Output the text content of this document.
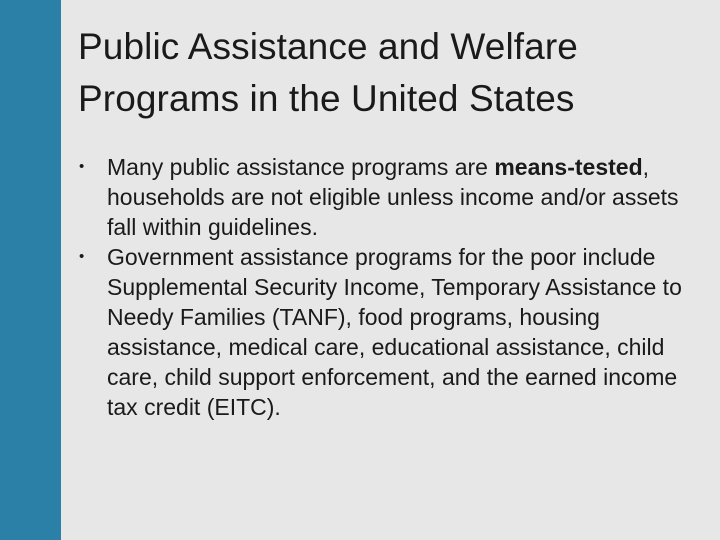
Public Assistance and Welfare Programs in the United States
• Many public assistance programs are means-tested, households are not eligible unless income and/or assets fall within guidelines.
• Government assistance programs for the poor include Supplemental Security Income, Temporary Assistance to Needy Families (TANF), food programs, housing assistance, medical care, educational assistance, child care, child support enforcement, and the earned income tax credit (EITC).
